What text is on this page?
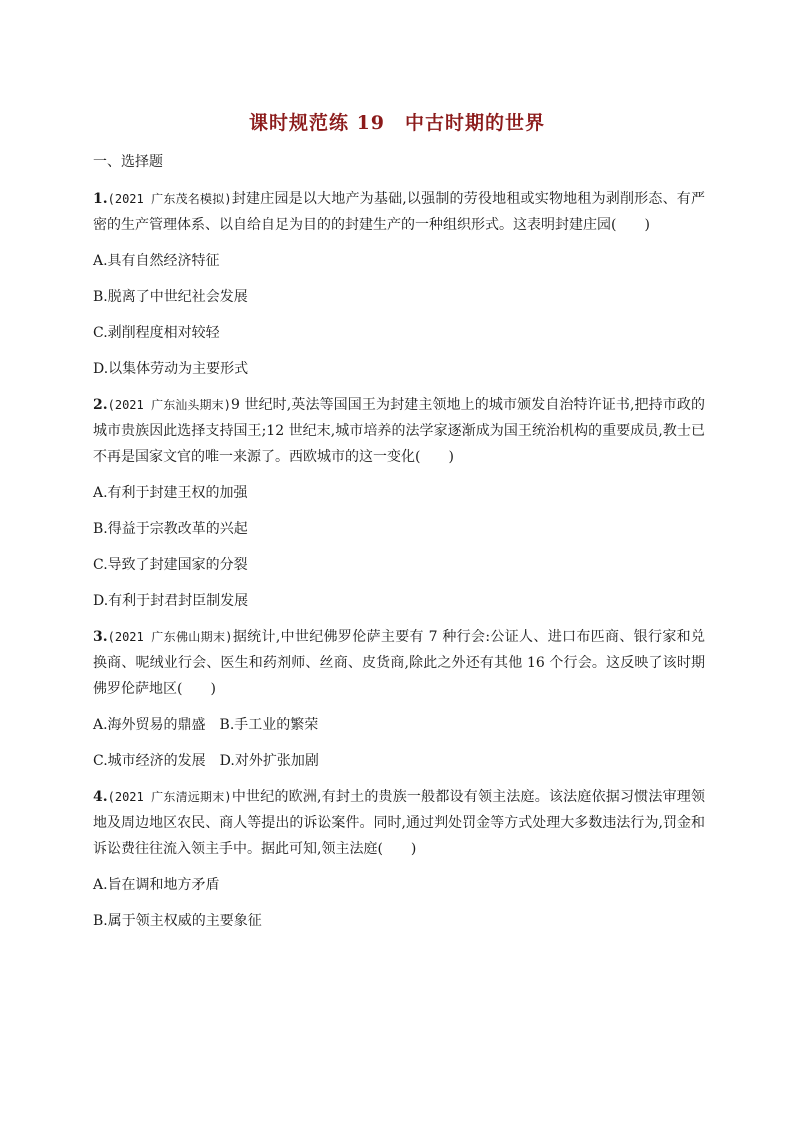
课时规范练 19　中古时期的世界
一、选择题

1.(2021 广东茂名模拟)封建庄园是以大地产为基础,以强制的劳役地租或实物地租为剥削形态、有严密的生产管理体系、以自给自足为目的的封建生产的一种组织形式。这表明封建庄园(　　)

A.具有自然经济特征
B.脱离了中世纪社会发展
C.剥削程度相对较轻
D.以集体劳动为主要形式

2.(2021 广东汕头期末)9 世纪时,英法等国国王为封建主领地上的城市颁发自治特许证书,把持市政的城市贵族因此选择支持国王;12 世纪末,城市培养的法学家逐渐成为国王统治机构的重要成员,教士已不再是国家文官的唯一来源了。西欧城市的这一变化(　　)

A.有利于封建王权的加强
B.得益于宗教改革的兴起
C.导致了封建国家的分裂
D.有利于封君封臣制发展

3.(2021 广东佛山期末)据统计,中世纪佛罗伦萨主要有 7 种行会:公证人、进口布匹商、银行家和兑换商、呢绒业行会、医生和药剂师、丝商、皮货商,除此之外还有其他 16 个行会。这反映了该时期佛罗伦萨地区(　　)

A.海外贸易的鼎盛　B.手工业的繁荣
C.城市经济的发展　D.对外扩张加剧

4.(2021 广东清远期末)中世纪的欧洲,有封土的贵族一般都设有领主法庭。该法庭依据习惯法审理领地及周边地区农民、商人等提出的诉讼案件。同时,通过判处罚金等方式处理大多数违法行为,罚金和诉讼费往往流入领主手中。据此可知,领主法庭(　　)

A.旨在调和地方矛盾
B.属于领主权威的主要象征
